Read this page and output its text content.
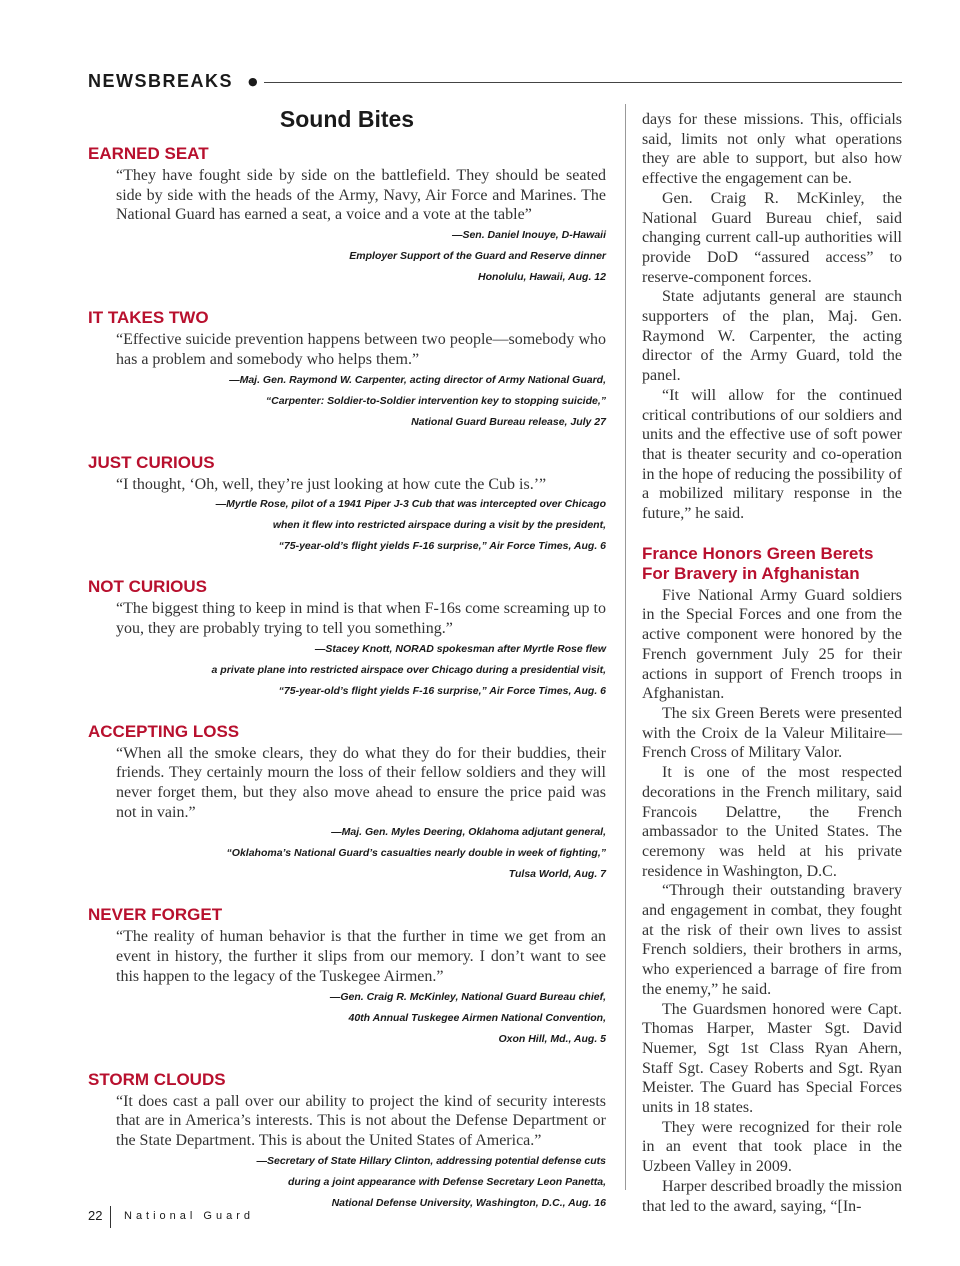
NEWSBREAKS ●
Sound Bites
EARNED SEAT
“They have fought side by side on the battlefield. They should be seated side by side with the heads of the Army, Navy, Air Force and Marines. The National Guard has earned a seat, a voice and a vote at the table”
—Sen. Daniel Inouye, D-Hawaii
Employer Support of the Guard and Reserve dinner
Honolulu, Hawaii, Aug. 12
IT TAKES TWO
“Effective suicide prevention happens between two people—somebody who has a problem and somebody who helps them.”
—Maj. Gen. Raymond W. Carpenter, acting director of Army National Guard,
“Carpenter: Soldier-to-Soldier intervention key to stopping suicide,”
National Guard Bureau release, July 27
JUST CURIOUS
“I thought, ‘Oh, well, they’re just looking at how cute the Cub is.’”
—Myrtle Rose, pilot of a 1941 Piper J-3 Cub that was intercepted over Chicago
when it flew into restricted airspace during a visit by the president,
“75-year-old’s flight yields F-16 surprise,” Air Force Times, Aug. 6
NOT CURIOUS
“The biggest thing to keep in mind is that when F-16s come screaming up to you, they are probably trying to tell you something.”
—Stacey Knott, NORAD spokesman after Myrtle Rose flew
a private plane into restricted airspace over Chicago during a presidential visit,
“75-year-old’s flight yields F-16 surprise,” Air Force Times, Aug. 6
ACCEPTING LOSS
“When all the smoke clears, they do what they do for their buddies, their friends. They certainly mourn the loss of their fellow soldiers and they will never forget them, but they also move ahead to ensure the price paid was not in vain.”
—Maj. Gen. Myles Deering, Oklahoma adjutant general,
“Oklahoma’s National Guard’s casualties nearly double in week of fighting,”
Tulsa World, Aug. 7
NEVER FORGET
“The reality of human behavior is that the further in time we get from an event in history, the further it slips from our memory. I don’t want to see this happen to the legacy of the Tuskegee Airmen.”
—Gen. Craig R. McKinley, National Guard Bureau chief,
40th Annual Tuskegee Airmen National Convention,
Oxon Hill, Md., Aug. 5
STORM CLOUDS
“It does cast a pall over our ability to project the kind of security interests that are in America’s interests. This is not about the Defense Department or the State Department. This is about the United States of America.”
—Secretary of State Hillary Clinton, addressing potential defense cuts
during a joint appearance with Defense Secretary Leon Panetta,
National Defense University, Washington, D.C., Aug. 16

days for these missions. This, officials said, limits not only what operations they are able to support, but also how effective the engagement can be.

Gen. Craig R. McKinley, the National Guard Bureau chief, said changing current call-up authorities will provide DoD “assured access” to reserve-component forces.

State adjutants general are staunch supporters of the plan, Maj. Gen. Raymond W. Carpenter, the acting director of the Army Guard, told the panel.

“It will allow for the continued critical contributions of our soldiers and units and the effective use of soft power that is theater security and co-operation in the hope of reducing the possibility of a mobilized military response in the future,” he said.

France Honors Green Berets
For Bravery in Afghanistan

Five National Army Guard soldiers in the Special Forces and one from the active component were honored by the French government July 25 for their actions in support of French troops in Afghanistan.

The six Green Berets were presented with the Croix de la Valeur Militaire—French Cross of Military Valor.

It is one of the most respected decorations in the French military, said Francois Delattre, the French ambassador to the United States. The ceremony was held at his private residence in Washington, D.C.

“Through their outstanding bravery and engagement in combat, they fought at the risk of their own lives to assist French soldiers, their brothers in arms, who experienced a barrage of fire from the enemy,” he said.

The Guardsmen honored were Capt. Thomas Harper, Master Sgt. David Nuemer, Sgt 1st Class Ryan Ahern, Staff Sgt. Casey Roberts and Sgt. Ryan Meister. The Guard has Special Forces units in 18 states.

They were recognized for their role in an event that took place in the Uzbeen Valley in 2009.

Harper described broadly the mission that led to the award, saying, “[In-

22 National Guard
